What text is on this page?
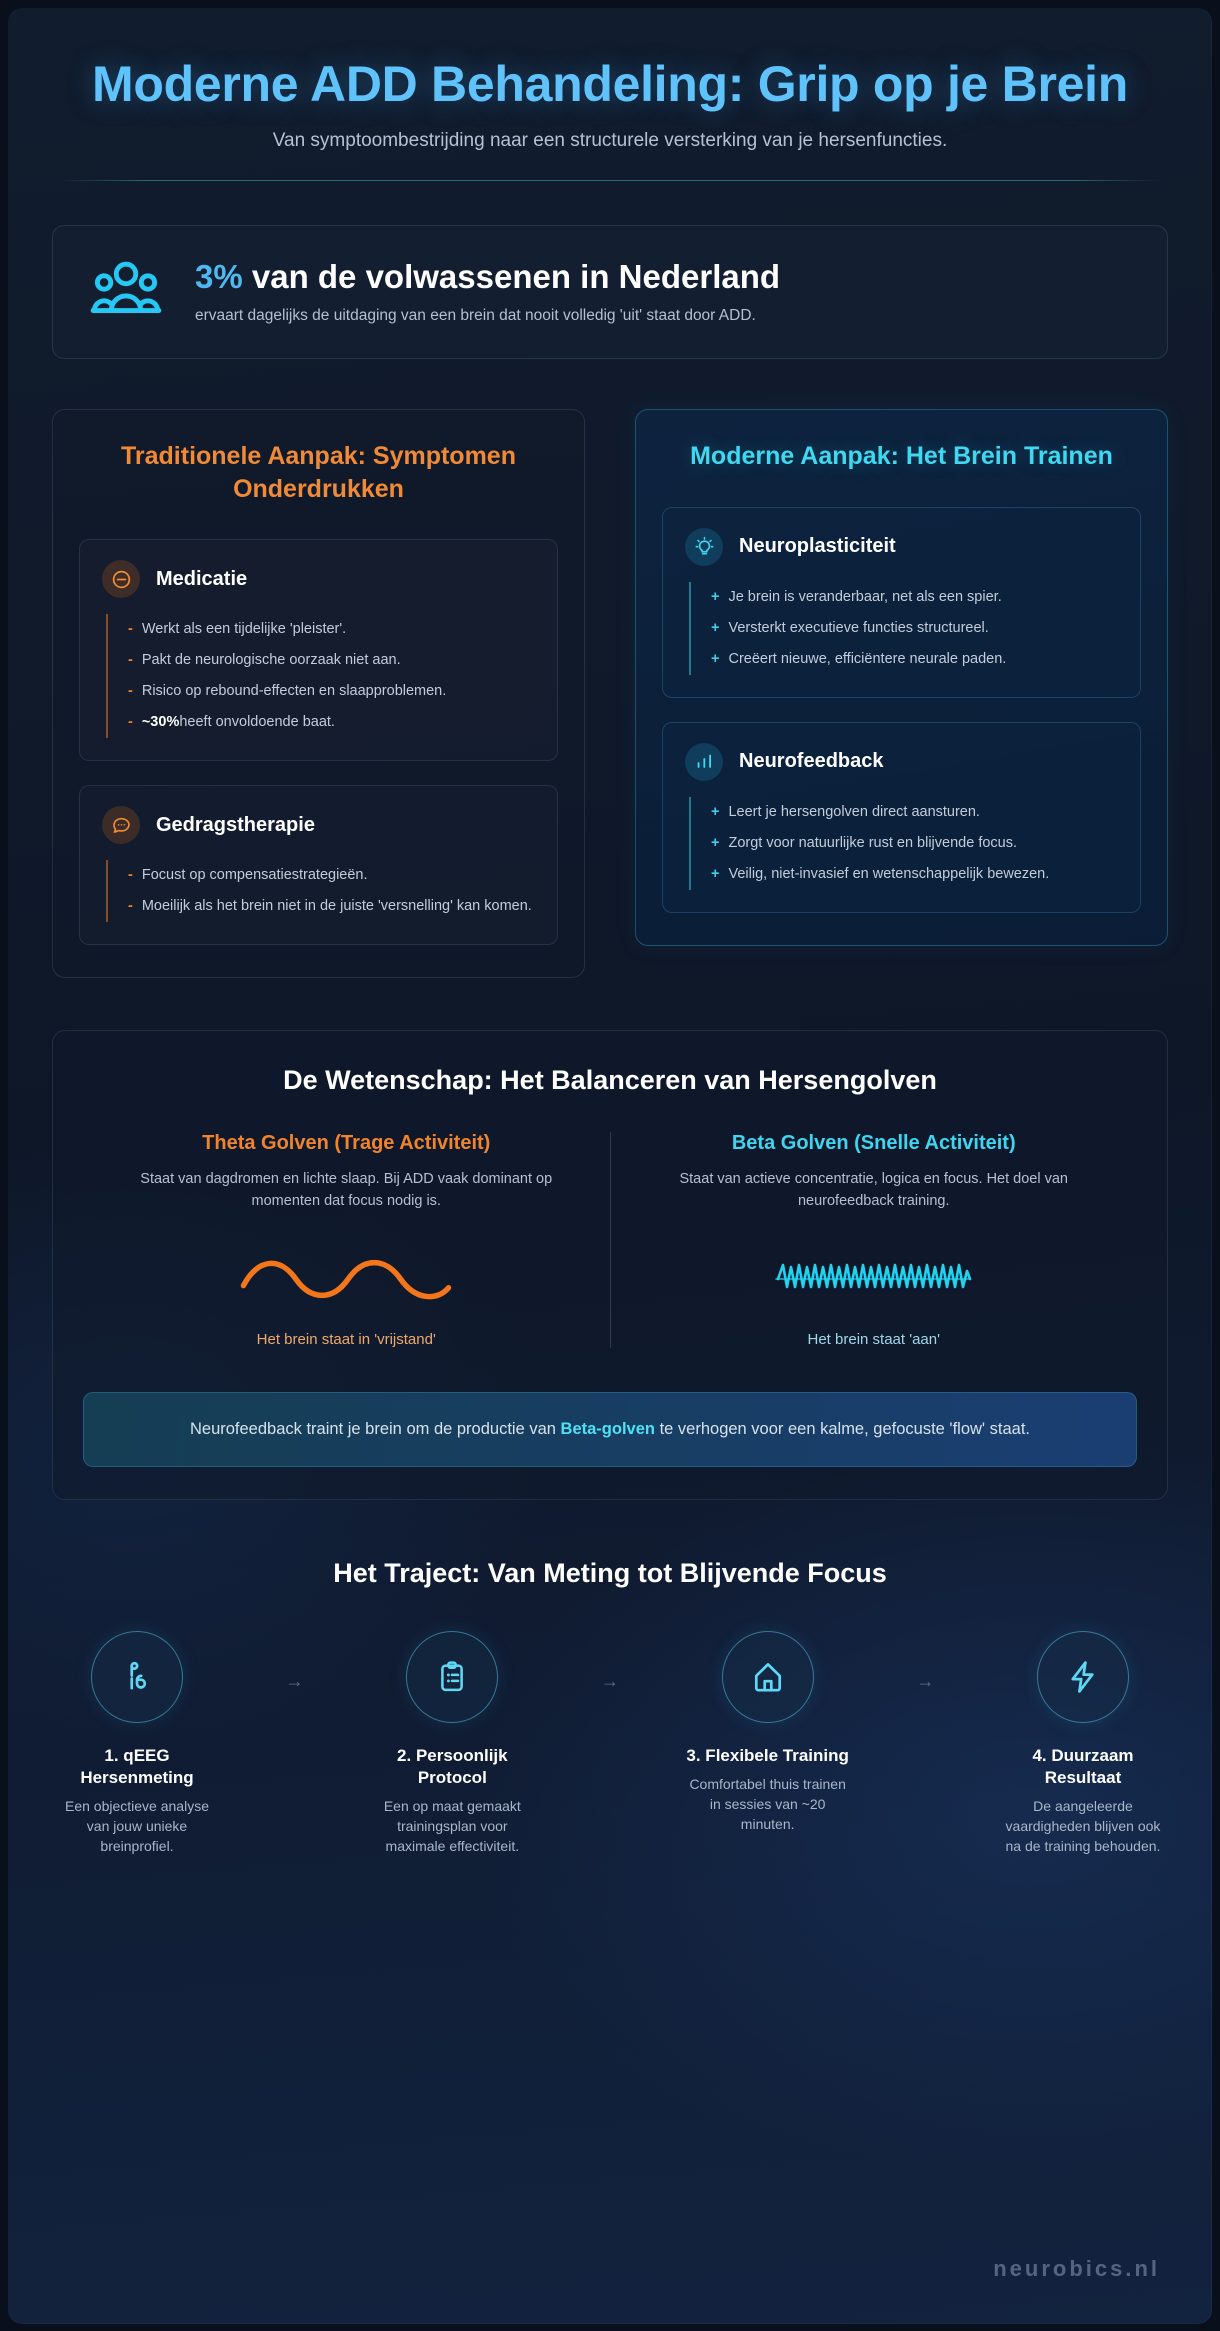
Moderne ADD Behandeling: Grip op je Brein
Van symptoombestrijding naar een structurele versterking van je hersenfuncties.
3% van de volwassenen in Nederland
ervaart dagelijks de uitdaging van een brein dat nooit volledig 'uit' staat door ADD.
Traditionele Aanpak: Symptomen Onderdrukken
Medicatie
- Werkt als een tijdelijke 'pleister'.
- Pakt de neurologische oorzaak niet aan.
- Risico op rebound-effecten en slaapproblemen.
- ~30%heeft onvoldoende baat.
Gedragstherapie
- Focust op compensatiestrategieën.
- Moeilijk als het brein niet in de juiste 'versnelling' kan komen.
Moderne Aanpak: Het Brein Trainen
Neuroplasticiteit
+ Je brein is veranderbaar, net als een spier.
+ Versterkt executieve functies structureel.
+ Creëert nieuwe, efficiëntere neurale paden.
Neurofeedback
+ Leert je hersengolven direct aansturen.
+ Zorgt voor natuurlijke rust en blijvende focus.
+ Veilig, niet-invasief en wetenschappelijk bewezen.
De Wetenschap: Het Balanceren van Hersengolven
Theta Golven (Trage Activiteit)
Staat van dagdromen en lichte slaap. Bij ADD vaak dominant op momenten dat focus nodig is.
Het brein staat in 'vrijstand'
Beta Golven (Snelle Activiteit)
Staat van actieve concentratie, logica en focus. Het doel van neurofeedback training.
Het brein staat 'aan'
Neurofeedback traint je brein om de productie van Beta-golven te verhogen voor een kalme, gefocuste 'flow' staat.
Het Traject: Van Meting tot Blijvende Focus
1. qEEG Hersenmeting
Een objectieve analyse van jouw unieke breinprofiel.
→
2. Persoonlijk Protocol
Een op maat gemaakt trainingsplan voor maximale effectiviteit.
→
3. Flexibele Training
Comfortabel thuis trainen in sessies van ~20 minuten.
→
4. Duurzaam Resultaat
De aangeleerde vaardigheden blijven ook na de training behouden.
neurobics.nl
